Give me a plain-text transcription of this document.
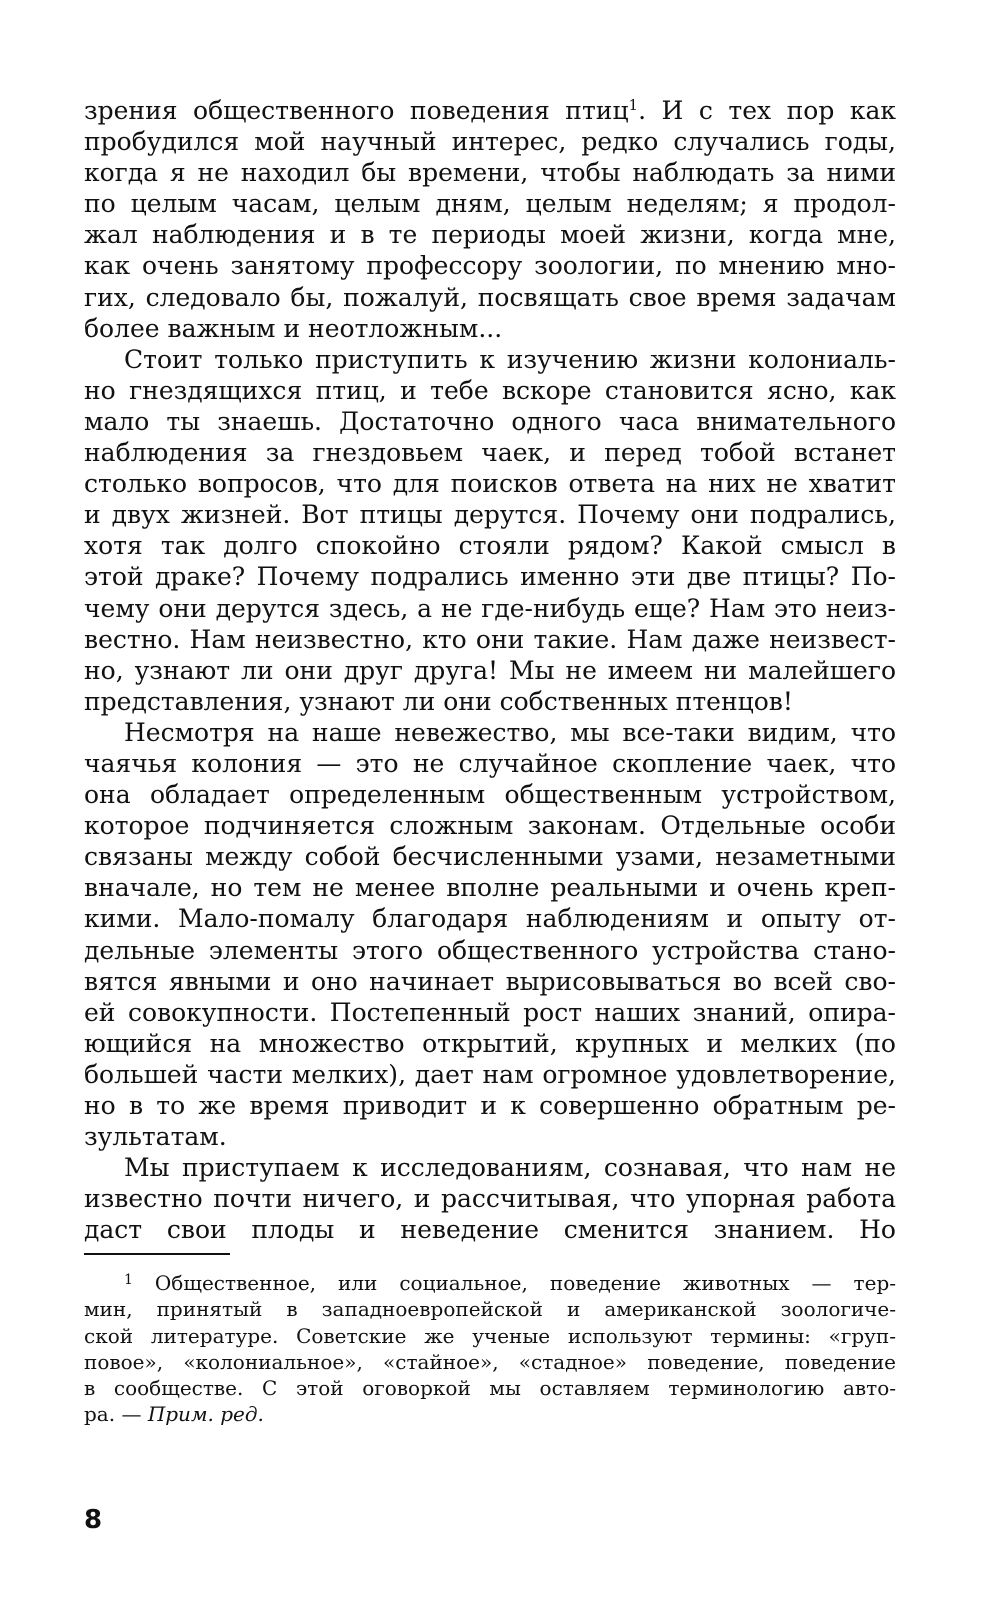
зрения общественного поведения птиц$^1$. И с тех пор как
пробудился мой научный интерес, редко случались годы,
когда я не находил бы времени, чтобы наблюдать за ними
по целым часам, целым дням, целым неделям; я продол-
жал наблюдения и в те периоды моей жизни, когда мне,
как очень занятому профессору зоологии, по мнению мно-
гих, следовало бы, пожалуй, посвящать свое время задачам
более важным и неотложным...
Стоит только приступить к изучению жизни колониаль-
но гнездящихся птиц, и тебе вскоре становится ясно, как
мало ты знаешь. Достаточно одного часа внимательного
наблюдения за гнездовьем чаек, и перед тобой встанет
столько вопросов, что для поисков ответа на них не хватит
и двух жизней. Вот птицы дерутся. Почему они подрались,
хотя так долго спокойно стояли рядом? Какой смысл в
этой драке? Почему подрались именно эти две птицы? По-
чему они дерутся здесь, а не где-нибудь еще? Нам это неиз-
вестно. Нам неизвестно, кто они такие. Нам даже неизвест-
но, узнают ли они друг друга! Мы не имеем ни малейшего
представления, узнают ли они собственных птенцов!
Несмотря на наше невежество, мы все-таки видим, что
чаячья колония — это не случайное скопление чаек, что
она обладает определенным общественным устройством,
которое подчиняется сложным законам. Отдельные особи
связаны между собой бесчисленными узами, незаметными
вначале, но тем не менее вполне реальными и очень креп-
кими. Мало-помалу благодаря наблюдениям и опыту от-
дельные элементы этого общественного устройства стано-
вятся явными и оно начинает вырисовываться во всей сво-
ей совокупности. Постепенный рост наших знаний, опира-
ющийся на множество открытий, крупных и мелких (по
большей части мелких), дает нам огромное удовлетворение,
но в то же время приводит и к совершенно обратным ре-
зультатам.
Мы приступаем к исследованиям, сознавая, что нам не
известно почти ничего, и рассчитывая, что упорная работа
даст свои плоды и неведение сменится знанием. Но
$^1$ Общественное, или социальное, поведение животных — тер-
мин, принятый в западноевропейской и американской зоологиче-
ской литературе. Советские же ученые используют термины: «груп-
повое», «колониальное», «стайное», «стадное» поведение, поведение
в сообществе. С этой оговоркой мы оставляем терминологию авто-
ра. — Прим. ред.
8
